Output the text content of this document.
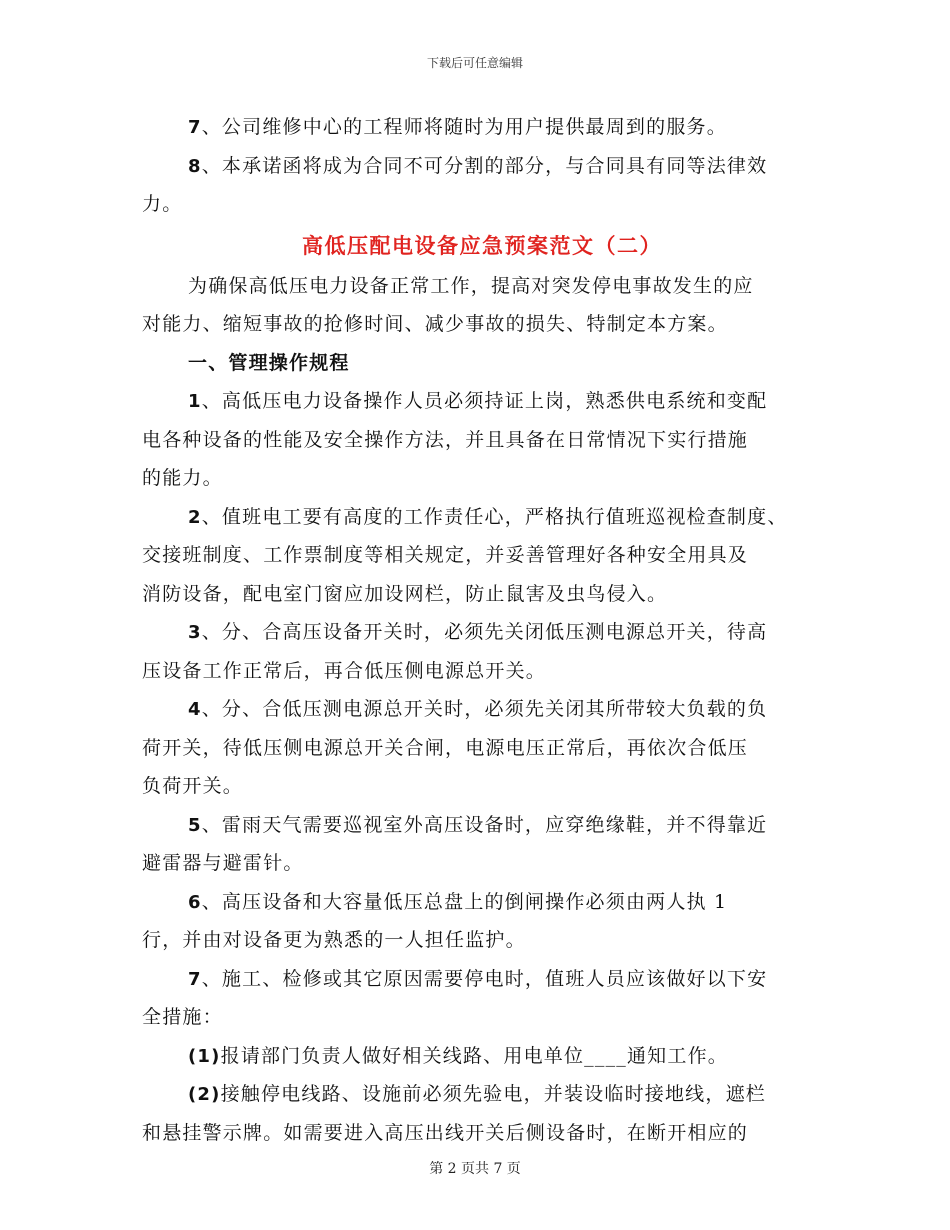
下载后可任意编辑
7、公司维修中心的工程师将随时为用户提供最周到的服务。
8、本承诺函将成为合同不可分割的部分，与合同具有同等法律效
力。
高低压配电设备应急预案范文（二）
为确保高低压电力设备正常工作，提高对突发停电事故发生的应
对能力、缩短事故的抢修时间、减少事故的损失、特制定本方案。
一、管理操作规程
1、高低压电力设备操作人员必须持证上岗，熟悉供电系统和变配
电各种设备的性能及安全操作方法，并且具备在日常情况下实行措施
的能力。
2、值班电工要有高度的工作责任心，严格执行值班巡视检查制度、
交接班制度、工作票制度等相关规定，并妥善管理好各种安全用具及
消防设备，配电室门窗应加设网栏，防止鼠害及虫鸟侵入。
3、分、合高压设备开关时，必须先关闭低压测电源总开关，待高
压设备工作正常后，再合低压侧电源总开关。
4、分、合低压测电源总开关时，必须先关闭其所带较大负载的负
荷开关，待低压侧电源总开关合闸，电源电压正常后，再依次合低压
负荷开关。
5、雷雨天气需要巡视室外高压设备时，应穿绝缘鞋，并不得靠近
避雷器与避雷针。
6、高压设备和大容量低压总盘上的倒闸操作必须由两人执 1
行，并由对设备更为熟悉的一人担任监护。
7、施工、检修或其它原因需要停电时，值班人员应该做好以下安
全措施：
(1)报请部门负责人做好相关线路、用电单位____通知工作。
(2)接触停电线路、设施前必须先验电，并装设临时接地线，遮栏
和悬挂警示牌。如需要进入高压出线开关后侧设备时，在断开相应的
第 2 页共 7 页
